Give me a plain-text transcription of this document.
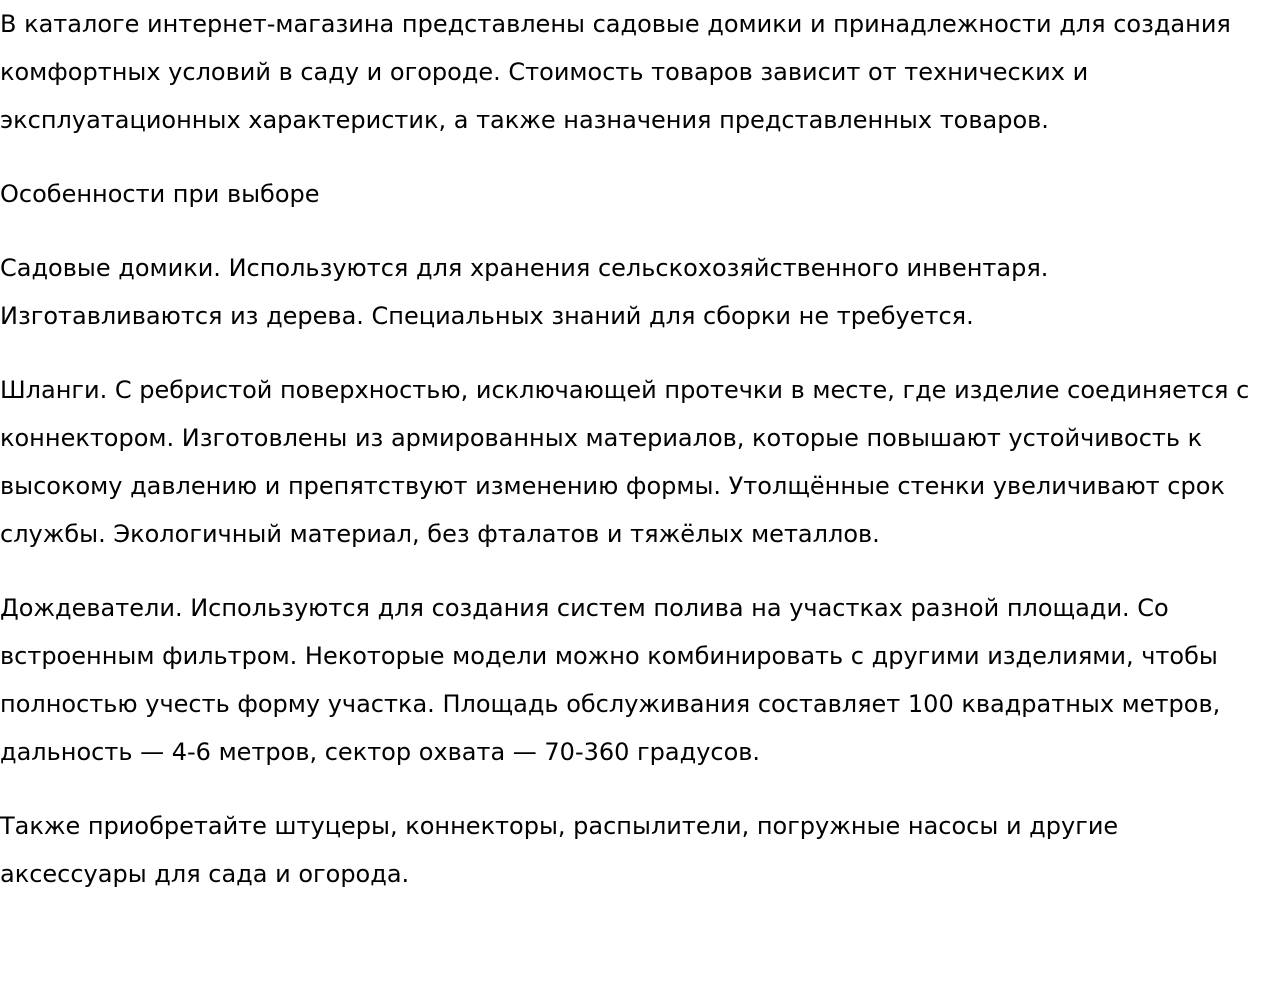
В каталоге интернет-магазина представлены садовые домики и принадлежности для создания комфортных условий в саду и огороде. Стоимость товаров зависит от технических и эксплуатационных характеристик, а также назначения представленных товаров.

Особенности при выборе

Садовые домики. Используются для хранения сельскохозяйственного инвентаря. Изготавливаются из дерева. Специальных знаний для сборки не требуется.

Шланги. С ребристой поверхностью, исключающей протечки в месте, где изделие соединяется с коннектором. Изготовлены из армированных материалов, которые повышают устойчивость к высокому давлению и препятствуют изменению формы. Утолщённые стенки увеличивают срок службы. Экологичный материал, без фталатов и тяжёлых металлов.

Дождеватели. Используются для создания систем полива на участках разной площади. Со встроенным фильтром. Некоторые модели можно комбинировать с другими изделиями, чтобы полностью учесть форму участка. Площадь обслуживания составляет 100 квадратных метров, дальность — 4-6 метров, сектор охвата — 70-360 градусов.

Также приобретайте штуцеры, коннекторы, распылители, погружные насосы и другие аксессуары для сада и огорода.
